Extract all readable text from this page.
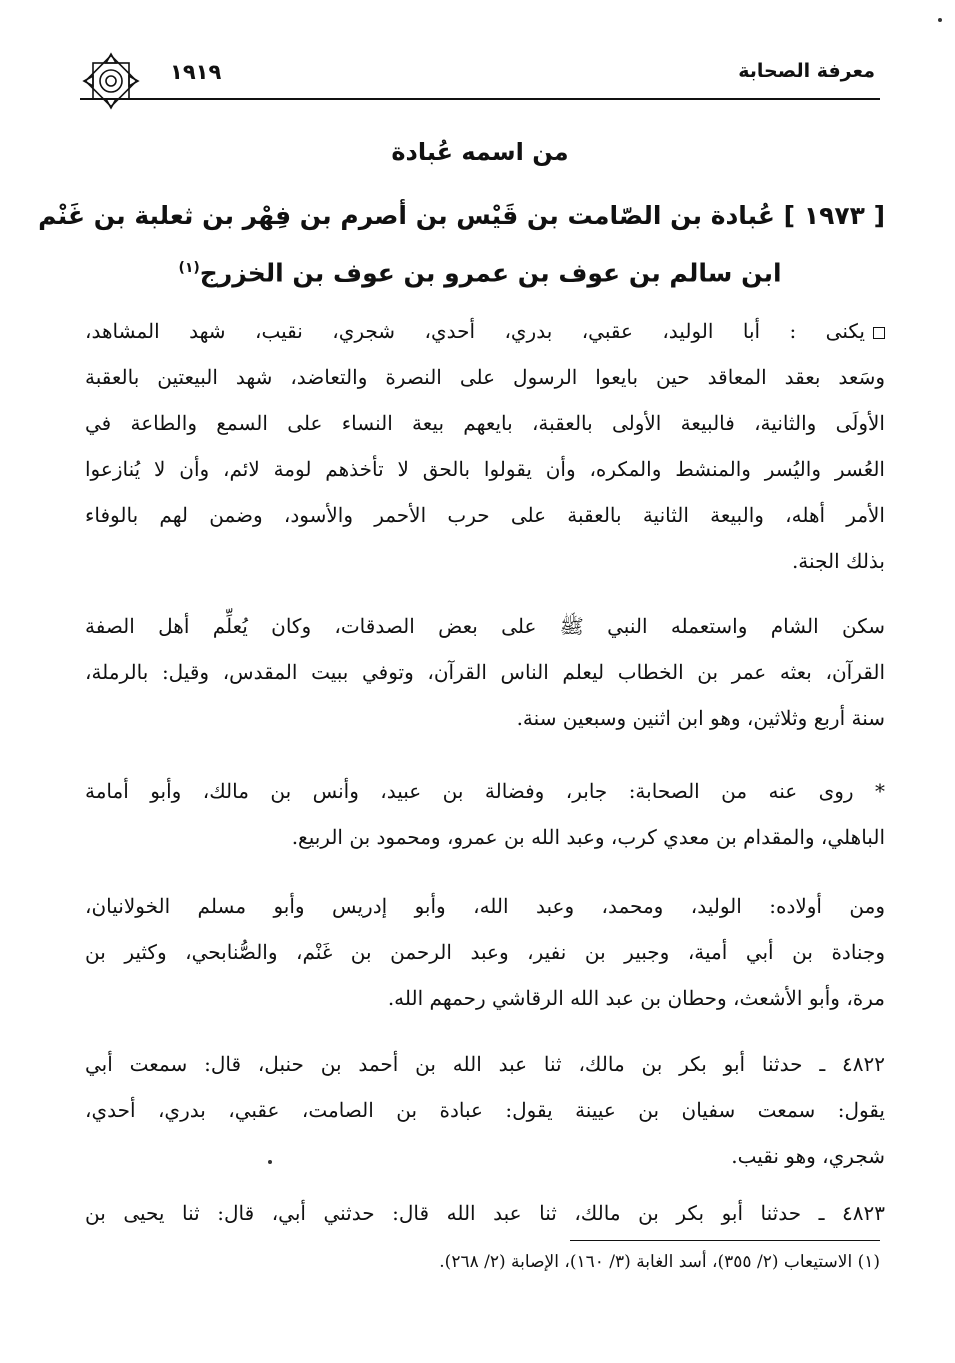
١٩١٩	معرفة الصحابة
من اسمه عُبادة
[ ١٩٧٣ ] عُبادة بن الصّامت بن قَيْس بن أصرم بن فِهْر بن ثعلبة بن غَنْم
ابن سالم بن عوف بن عمرو بن عوف بن الخزرج$^{(١)}$
يكنى : أبا الوليد، عقبي، بدري، أحدي، شجري، نقيب، شهد المشاهد،
وسَعد بعقد المعاقد حين بايعوا الرسول على النصرة والتعاضد، شهد البيعتين بالعقبة
الأولَى والثانية، فالبيعة الأولى بالعقبة، بايعهم بيعة النساء على السمع والطاعة في
العُسر واليُسر والمنشط والمكره، وأن يقولوا بالحق لا تأخذهم لومة لائم، وأن لا يُنازعوا
الأمر أهله، والبيعة الثانية بالعقبة على حرب الأحمر والأسود، وضمن لهم بالوفاء
بذلك الجنة.
سكن الشام واستعمله النبي ﷺ على بعض الصدقات، وكان يُعلِّم أهل الصفة
القرآن، بعثه عمر بن الخطاب ليعلم الناس القرآن، وتوفي ببيت المقدس، وقيل: بالرملة،
سنة أربع وثلاثين، وهو ابن اثنين وسبعين سنة.
* روى عنه من الصحابة: جابر، وفضالة بن عبيد، وأنس بن مالك، وأبو أمامة
الباهلي، والمقدام بن معدي كرب، وعبد الله بن عمرو، ومحمود بن الربيع.
ومن أولاده: الوليد، ومحمد، وعبد الله، وأبو إدريس وأبو مسلم الخولانيان،
وجنادة بن أبي أمية، وجبير بن نفير، وعبد الرحمن بن غَنْم، والصُّنابحي، وكثير بن
مرة، وأبو الأشعث، وحطان بن عبد الله الرقاشي رحمهم الله.
٤٨٢٢ ـ حدثنا أبو بكر بن مالك، ثنا عبد الله بن أحمد بن حنبل، قال: سمعت أبي
يقول: سمعت سفيان بن عيينة يقول: عبادة بن الصامت، عقبي، بدري، أحدي،
شجري، وهو نقيب.
٤٨٢٣ ـ حدثنا أبو بكر بن مالك، ثنا عبد الله قال: حدثني أبي، قال: ثنا يحيى بن
(١) الاستيعاب (٢/ ٣٥٥)، أسد الغابة (٣/ ١٦٠)، الإصابة (٢/ ٢٦٨).
